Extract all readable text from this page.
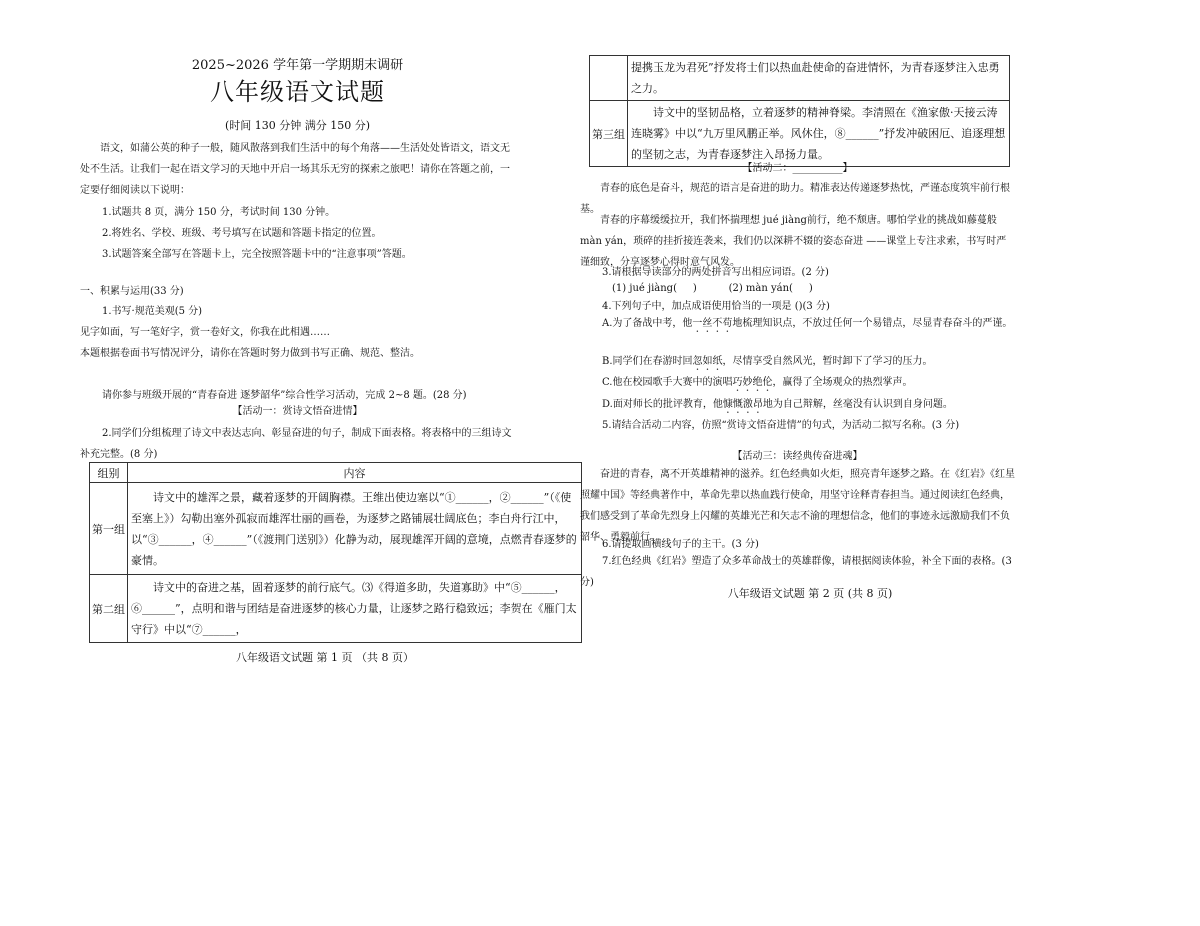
2025~2026 学年第一学期期末调研
八年级语文试题
(时间 130 分钟 满分 150 分)

语文，如蒲公英的种子一般，随风散落到我们生活中的每个角落——生活处处皆语文，语文无处不生活。让我们一起在语文学习的天地中开启一场其乐无穷的探索之旅吧！请你在答题之前，一定要仔细阅读以下说明：

1.试题共 8 页，满分 150 分，考试时间 130 分钟。

2.将姓名、学校、班级、考号填写在试题和答题卡指定的位置。

3.试题答案全部写在答题卡上，完全按照答题卡中的“注意事项”答题。

一、积累与运用(33 分)

1.书写·规范美观(5 分)

见字如面，写一笔好字，赏一卷好文，你我在此相遇……

本题根据卷面书写情况评分，请你在答题时努力做到书写正确、规范、整洁。

请你参与班级开展的“青春奋进 逐梦韶华”综合性学习活动，完成 2~8 题。(28 分)

【活动一：赏诗文悟奋进情】

2.同学们分组梳理了诗文中表达志向、彰显奋进的句子，制成下面表格。将表格中的三组诗文补充完整。(8 分)

组别	内容
第一组	诗文中的雄浑之景，藏着逐梦的开阔胸襟。王维出使边塞以“①______，②______”（《使至塞上》）勾勒出塞外孤寂而雄浑壮丽的画卷，为逐梦之路铺展壮阔底色；李白舟行江中，以“③______，④______”（《渡荆门送别》）化静为动，展现雄浑开阔的意境，点燃青春逐梦的豪情。
第二组	诗文中的奋进之基，固着逐梦的前行底气。⑶《得道多助，失道寡助》中“⑤______，⑥______”，点明和谐与团结是奋进逐梦的核心力量，让逐梦之路行稳致远；李贺在《雁门太守行》中以“⑦______，

八年级语文试题 第 1 页 （共 8 页）

	提携玉龙为君死”抒发将士们以热血赴使命的奋进情怀，为青春逐梦注入忠勇之力。
第三组	诗文中的坚韧品格，立着逐梦的精神脊梁。李清照在《渔家傲·天接云涛连晓雾》中以“九万里风鹏正举。风休住，⑧______”抒发冲破困厄、追逐理想的坚韧之志，为青春逐梦注入昂扬力量。

【活动二：__________】

青春的底色是奋斗，规范的语言是奋进的助力。精准表达传递逐梦热忱，严谨态度筑牢前行根基。

青春的序幕缓缓拉开，我们怀揣理想 jué jiàng前行，绝不颓唐。哪怕学业的挑战如藤蔓般 màn yán，琐碎的挂折接连袭来，我们仍以深耕不辍的姿态奋进 ——课堂上专注求索，书写时严谨细致，分享逐梦心得时意气风发。

3.请根据导读部分的两处拼音写出相应词语。(2 分)

(1) jué jiàng(     )          (2) màn yán(     )

4.下列句子中，加点成语使用恰当的一项是 ()(3 分)

A.为了备战中考，他一丝不苟地梳理知识点，不放过任何一个易错点，尽显青春奋斗的严谨。

B.同学们在春游时回忽如纸，尽情享受自然风光，暂时卸下了学习的压力。

C.他在校园歌手大赛中的演唱巧妙绝伦，赢得了全场观众的热烈掌声。

D.面对师长的批评教育，他慷慨激昂地为自己辩解，丝毫没有认识到自身问题。

5.请结合活动二内容，仿照“赏诗文悟奋进情”的句式，为活动二拟写名称。(3 分)

【活动三：读经典传奋进魂】

奋进的青春，离不开英雄精神的滋养。红色经典如火炬，照亮青年逐梦之路。在《红岩》《红星照耀中国》等经典著作中，革命先辈以热血践行使命，用坚守诠释青春担当。通过阅读红色经典，我们感受到了革命先烈身上闪耀的英雄光芒和矢志不渝的理想信念，他们的事迹永远激励我们不负韶华、勇毅前行。

6.请提取画横线句子的主干。(3 分)

7.红色经典《红岩》塑造了众多革命战士的英雄群像，请根据阅读体验，补全下面的表格。(3 分)

八年级语文试题 第 2 页 (共 8 页)
